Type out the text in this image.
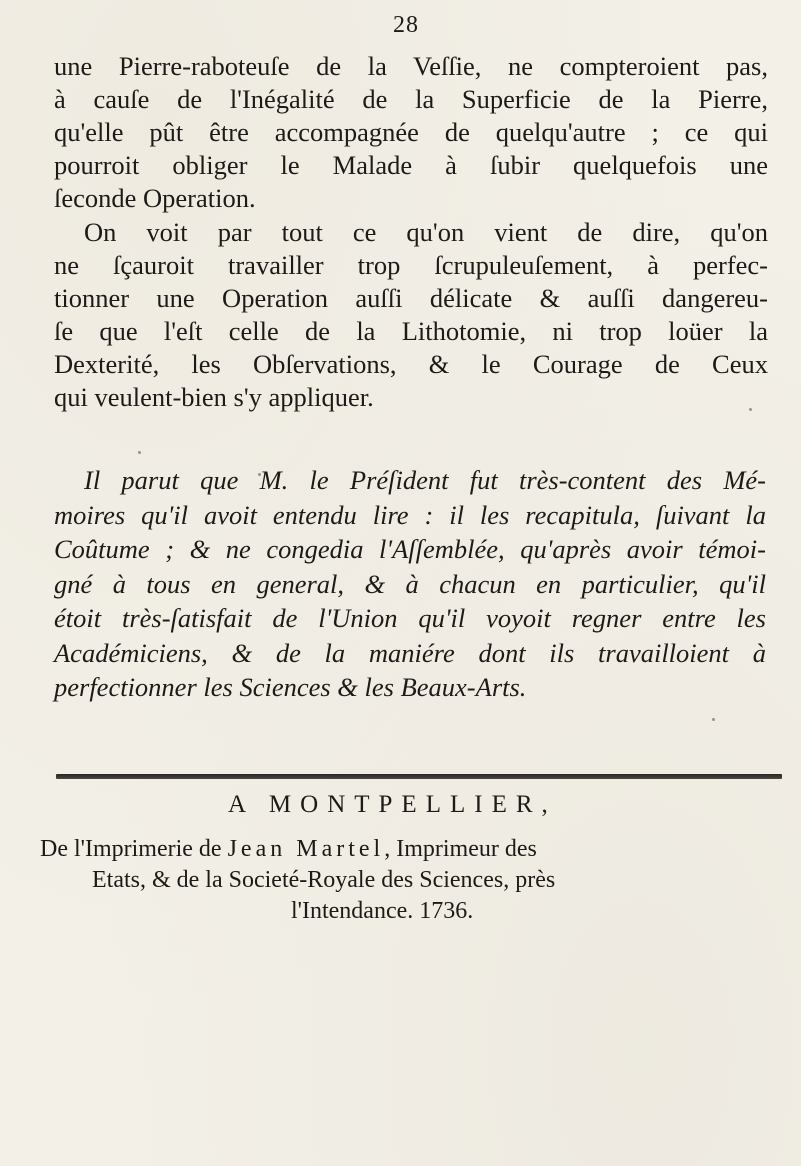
28
une Pierre-raboteuſe de la Veſſie, ne compteroient pas,
à cauſe de l'Inégalité de la Superficie de la Pierre,
qu'elle pût être accompagnée de quelqu'autre ; ce qui
pourroit obliger le Malade à ſubir quelquefois une
ſeconde Operation.
On voit par tout ce qu'on vient de dire, qu'on
ne ſçauroit travailler trop ſcrupuleuſement, à perfec-
tionner une Operation auſſi délicate & auſſi dangereu-
ſe que l'eſt celle de la Lithotomie, ni trop loüer la
Dexterité, les Obſervations, & le Courage de Ceux
qui veulent-bien s'y appliquer.
Il parut que M. le Préſident fut très-content des Mé-
moires qu'il avoit entendu lire : il les recapitula, ſuivant la
Coûtume ; & ne congedia l'Aſſemblée, qu'après avoir témoi-
gné à tous en general, & à chacun en particulier, qu'il
étoit très-ſatisfait de l'Union qu'il voyoit regner entre les
Académiciens, & de la maniére dont ils travailloient à
perfectionner les Sciences & les Beaux-Arts.
A MONTPELLIER,
De l'Imprimerie de Jean Martel, Imprimeur des
Etats, & de la Societé-Royale des Sciences, près
l'Intendance. 1736.
